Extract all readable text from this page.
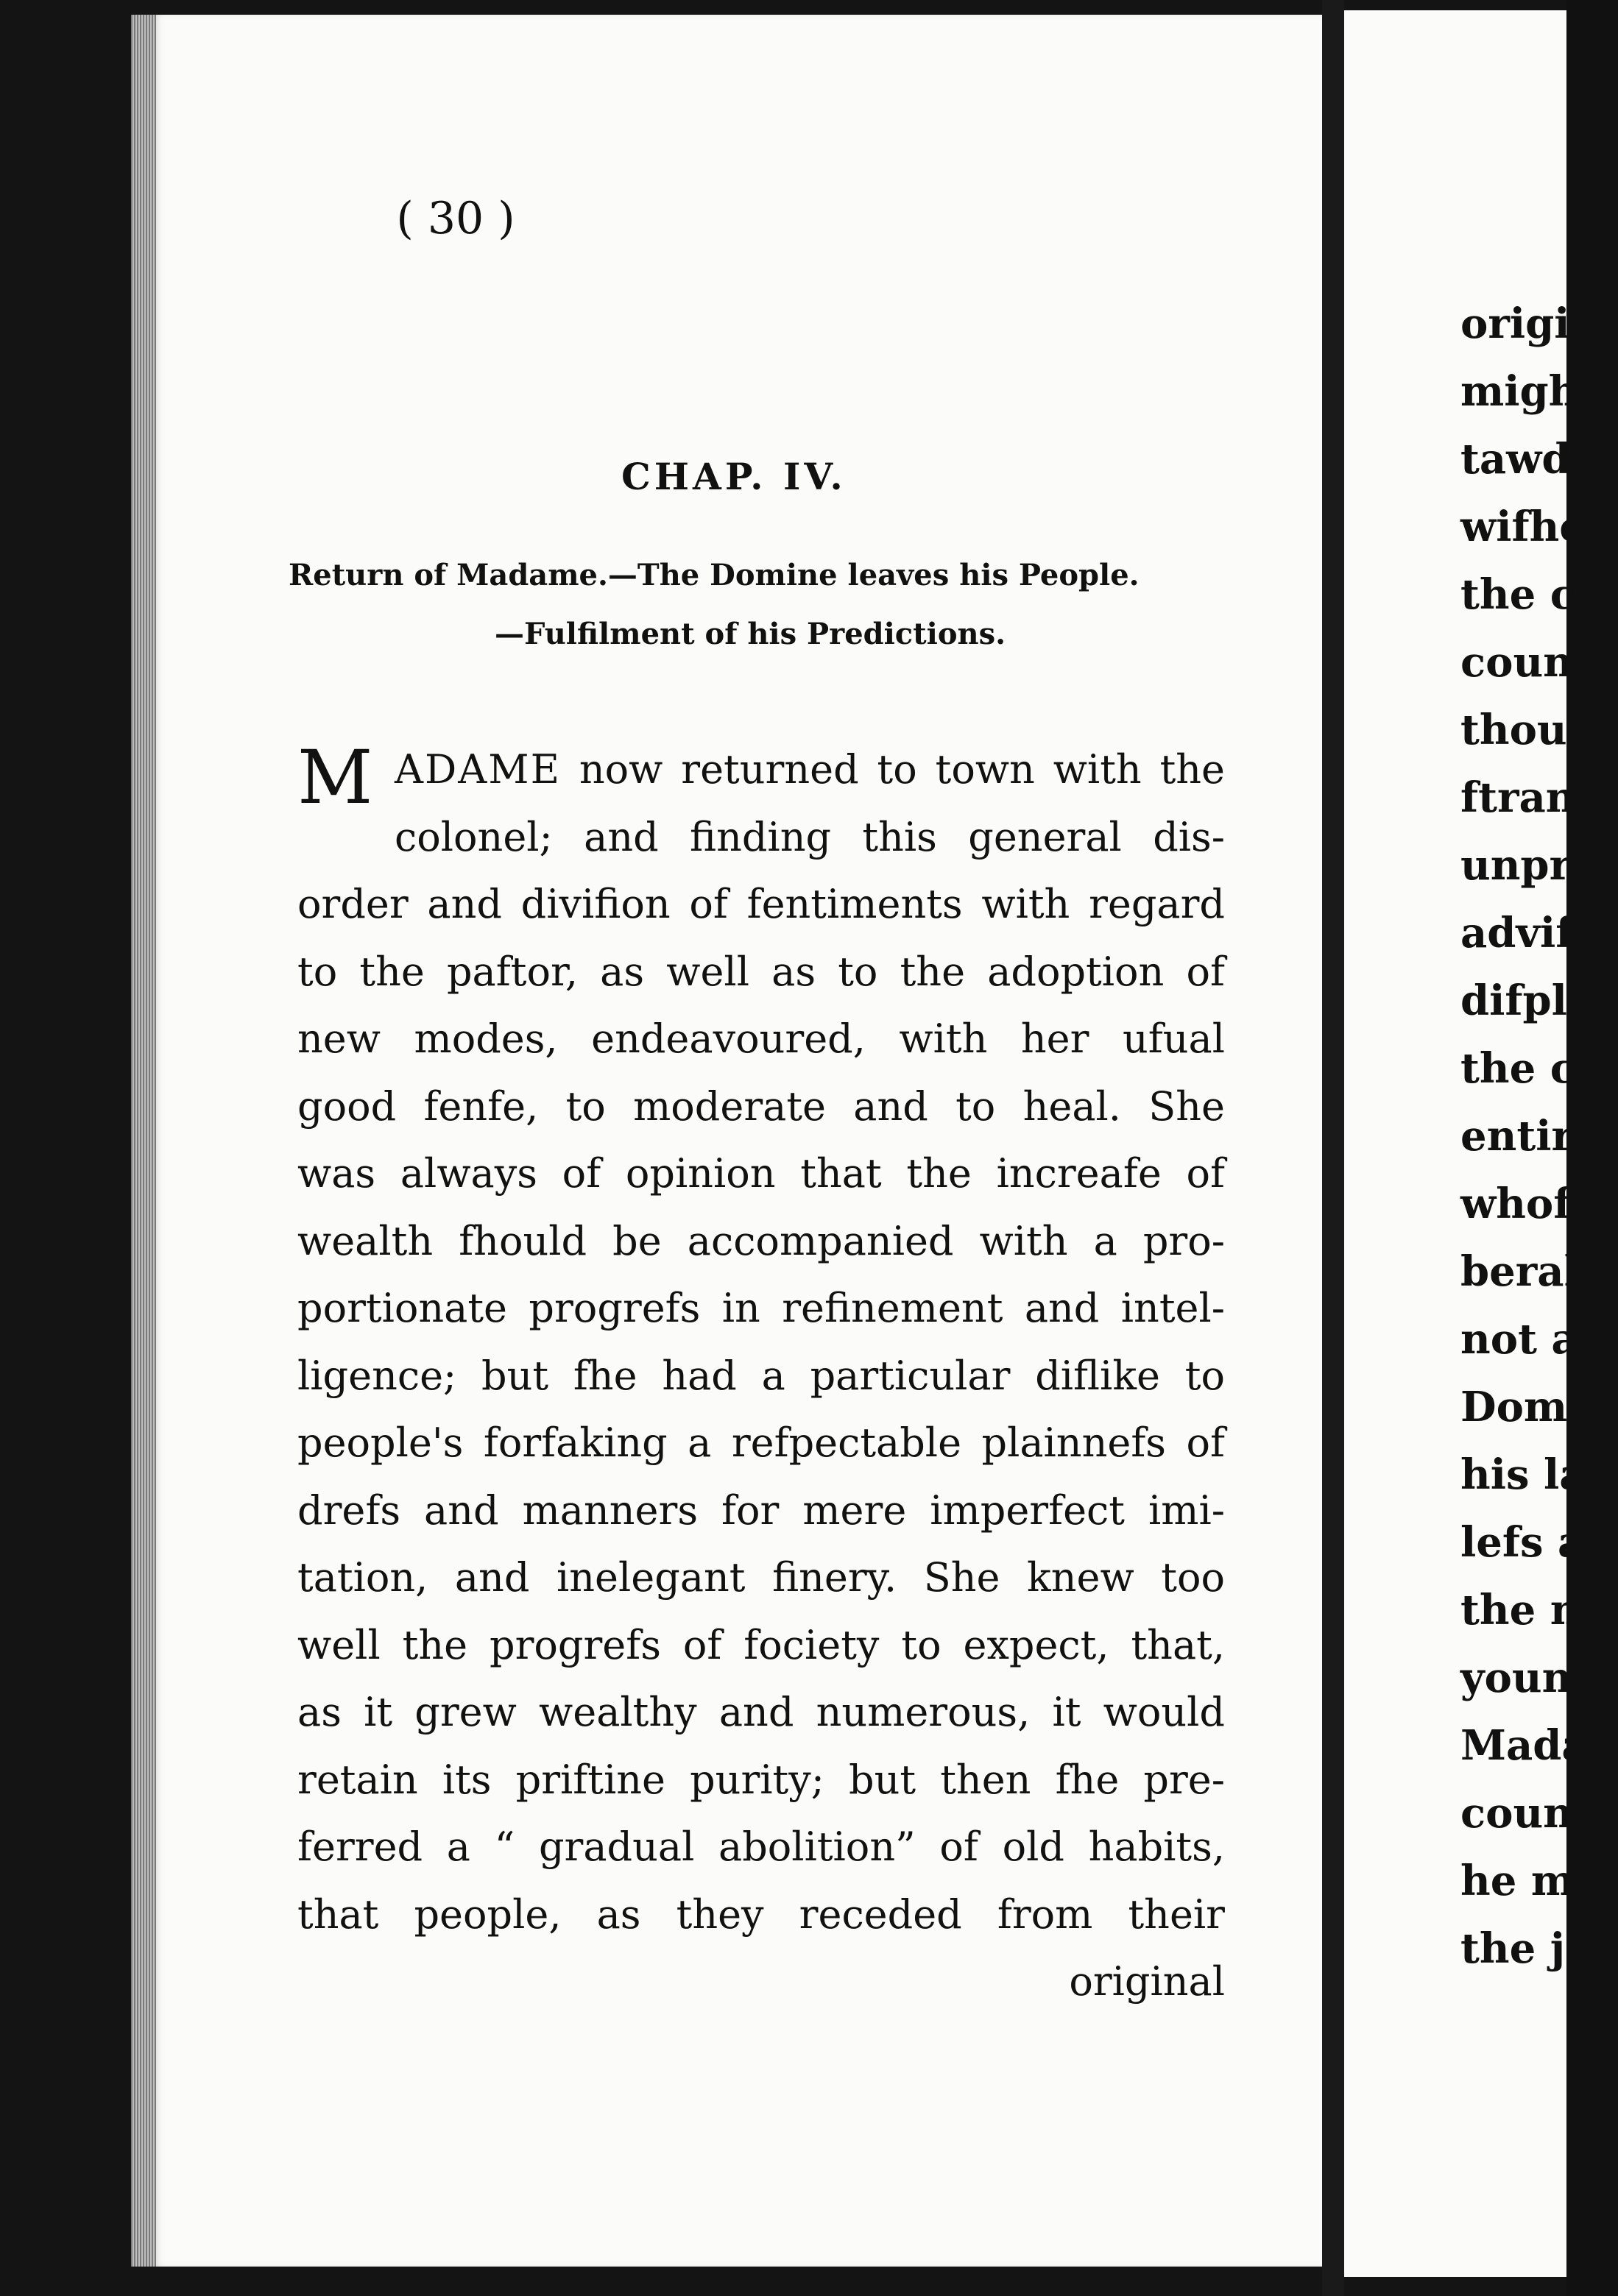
origi
migh
tawdr
wifhe
the co
count
thoug
ftrang
unpra
advife
difple
the co
entire
whofe
beral
not al
Domi
his lar
lefs ap
the ne
young
Madan
counfe
he mu
the joi
( 30 )
CHAP. IV.
Return of Madame.—The Domine leaves his People.
—Fulfilment of his Predictions.
M ADAME now returned to town with the
colonel; and finding this general dis-
order and divifion of fentiments with regard
to the paftor, as well as to the adoption of
new modes, endeavoured, with her ufual
good fenfe, to moderate and to heal. She
was always of opinion that the increafe of
wealth fhould be accompanied with a pro-
portionate progrefs in refinement and intel-
ligence; but fhe had a particular diflike to
people's forfaking a refpectable plainnefs of
drefs and manners for mere imperfect imi-
tation, and inelegant finery. She knew too
well the progrefs of fociety to expect, that,
as it grew wealthy and numerous, it would
retain its priftine purity; but then fhe pre-
ferred a “ gradual abolition” of old habits,
that people, as they receded from their
original
